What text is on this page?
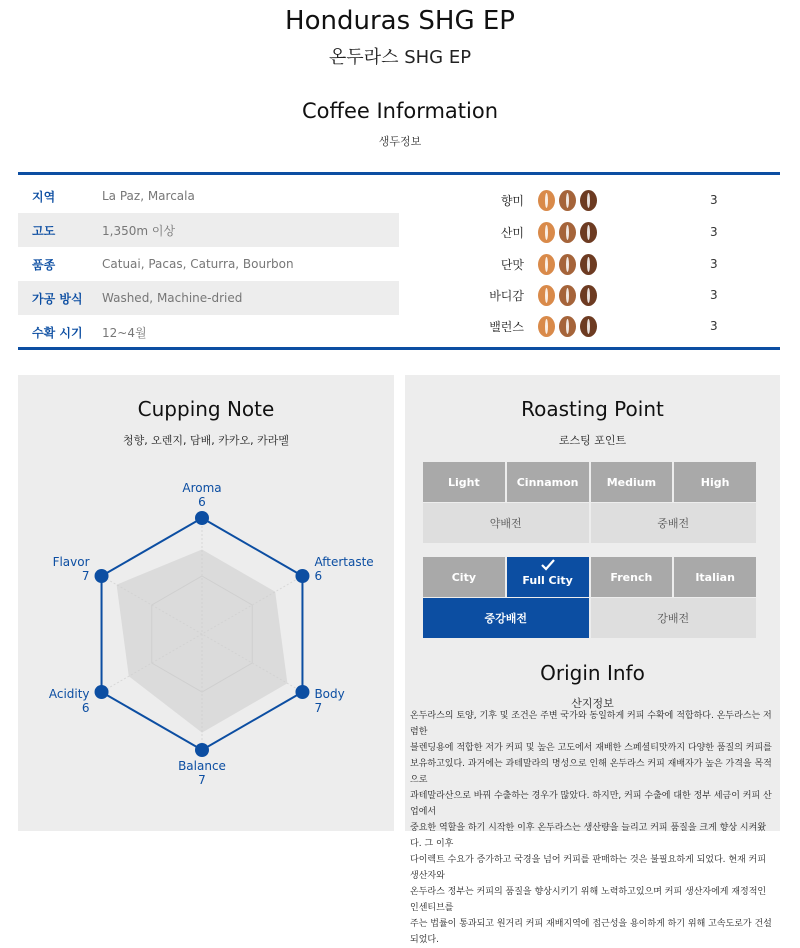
Honduras SHG EP
온두라스 SHG EP
Coffee Information
생두정보
지역	La Paz, Marcala
고도	1,350m 이상
품종	Catuai, Pacas, Caturra, Bourbon
가공 방식	Washed, Machine-dried
수확 시기	12~4월
향미	3
산미	3
단맛	3
바디감	3
밸런스	3
Cupping Note
청향, 오렌지, 담배, 카카오, 카라멜
Aroma
6
Aftertaste
6
Body
7
Balance
7
Acidity
6
Flavor
7
Roasting Point
로스팅 포인트
Light	Cinnamon	Medium	High
약배전	중배전
City	Full City	French	Italian
중강배전	강배전
Origin Info
산지정보
온두라스의 토양, 기후 및 조건은 주변 국가와 동일하게 커피 수확에 적합하다. 온두라스는 저렴한
블렌딩용에 적합한 저가 커피 및 높은 고도에서 재배한 스페셜티맛까지 다양한 품질의 커피를
보유하고있다. 과거에는 과테말라의 명성으로 인해 온두라스 커피 재배자가 높은 가격을 목적으로
과테말라산으로 바꿔 수출하는 경우가 많았다. 하지만, 커피 수출에 대한 정부 세금이 커피 산업에서
중요한 역할을 하기 시작한 이후 온두라스는 생산량을 늘리고 커피 품질을 크게 향상 시켜왔다. 그 이후
다이렉트 수요가 증가하고 국경을 넘어 커피를 판매하는 것은 불필요하게 되었다. 현재 커피 생산자와
온두라스 정부는 커피의 품질을 향상시키기 위해 노력하고있으며 커피 생산자에게 재정적인 인센티브를
주는 법률이 통과되고 원거리 커피 재배지역에 접근성을 용이하게 하기 위해 고속도로가 건설되었다.
